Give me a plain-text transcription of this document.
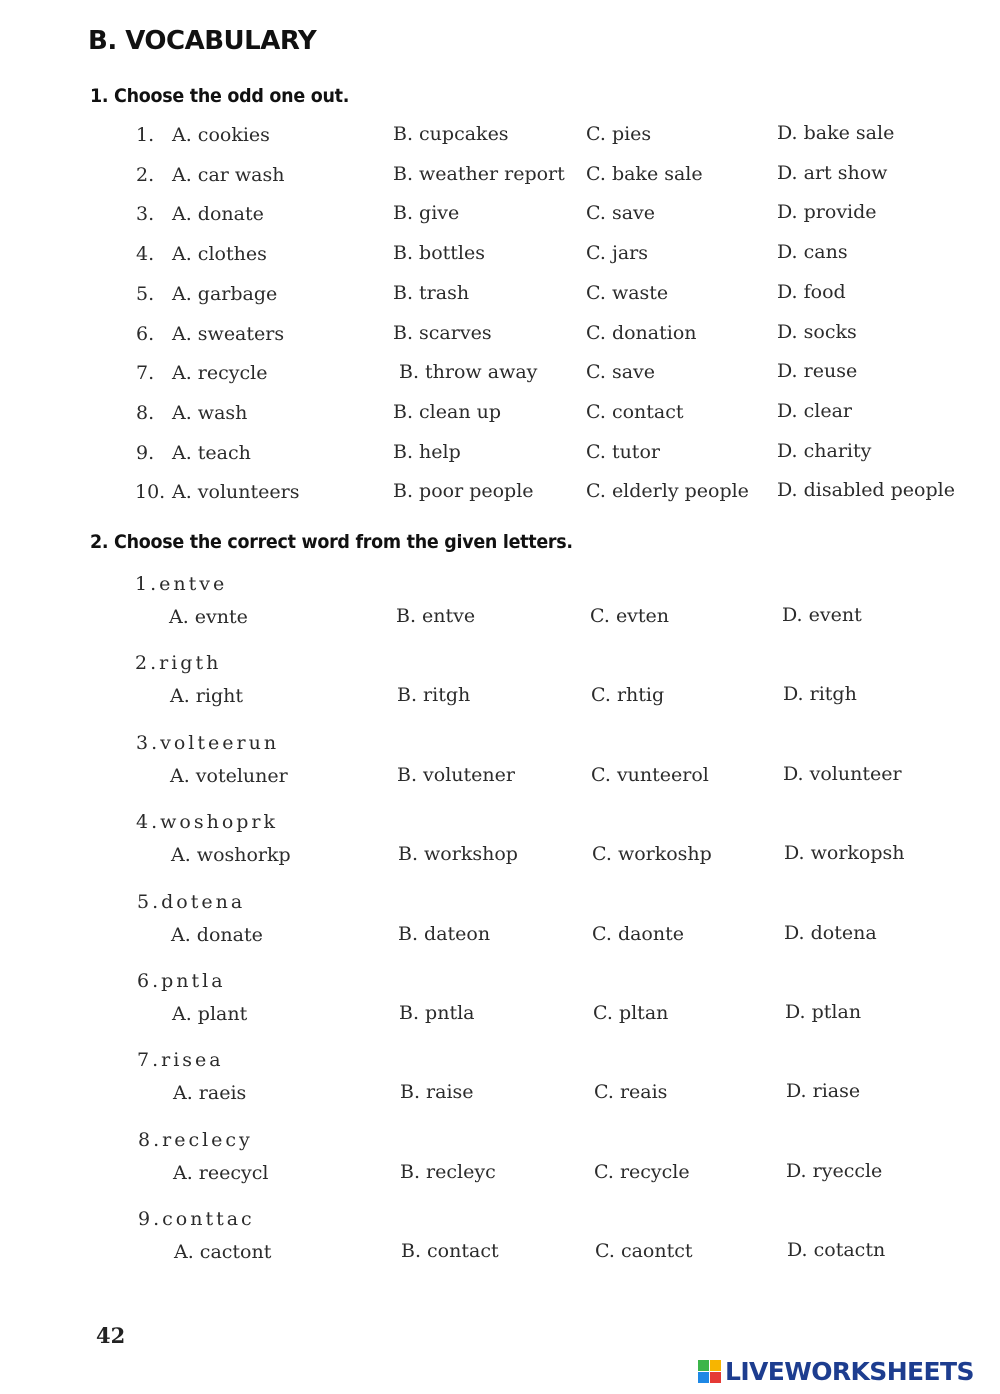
B. VOCABULARY
1. Choose the odd one out.
1. A. cookies	B. cupcakes	C. pies	D. bake sale
2. A. car wash	B. weather report C. bake sale	D. art show
3. A. donate	B. give	C. save	D. provide
4. A. clothes	B. bottles	C. jars	D. cans
5. A. garbage	B. trash	C. waste	D. food
6. A. sweaters	B. scarves	C. donation	D. socks
7. A. recycle	B. throw away	C. save	D. reuse
8. A. wash	B. clean up	C. contact	D. clear
9. A. teach	B. help	C. tutor	D. charity
10. A. volunteers	B. poor people	C. elderly people D. disabled people
2. Choose the correct word from the given letters.
1.entve
A. evnte	B. entve	C. evten	D. event
2.rigth
A. right	B. ritgh	C. rhtig	D. ritgh
3.volteerun
A. voteluner	B. volutener	C. vunteerol	D. volunteer
4.woshoprk
A. woshorkp	B. workshop	C. workoshp	D. workopsh
5.dotena
A. donate	B. dateon	C. daonte	D. dotena
6.pntla
A. plant	B. pntla	C. pltan	D. ptlan
7.risea
A. raeis	B. raise	C. reais	D. riase
8.reclecy
A. reecycl	B. recleyc	C. recycle	D. ryeccle
9.conttac
A. cactont	B. contact	C. caontct	D. cotactn
42
LIVEWORKSHEETS
